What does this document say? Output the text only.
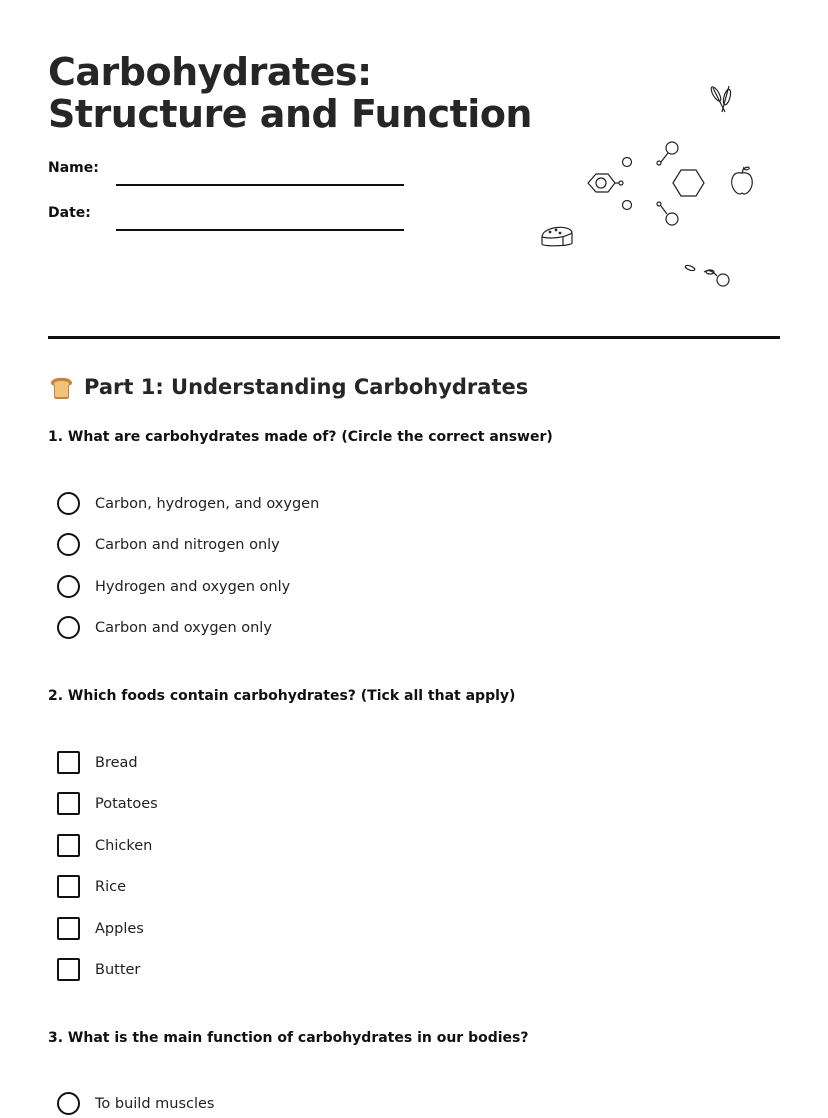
Carbohydrates:
Structure and Function
Name:
Date:
Part 1: Understanding Carbohydrates
1. What are carbohydrates made of? (Circle the correct answer)
Carbon, hydrogen, and oxygen
Carbon and nitrogen only
Hydrogen and oxygen only
Carbon and oxygen only
2. Which foods contain carbohydrates? (Tick all that apply)
Bread
Potatoes
Chicken
Rice
Apples
Butter
3. What is the main function of carbohydrates in our bodies?
To build muscles
